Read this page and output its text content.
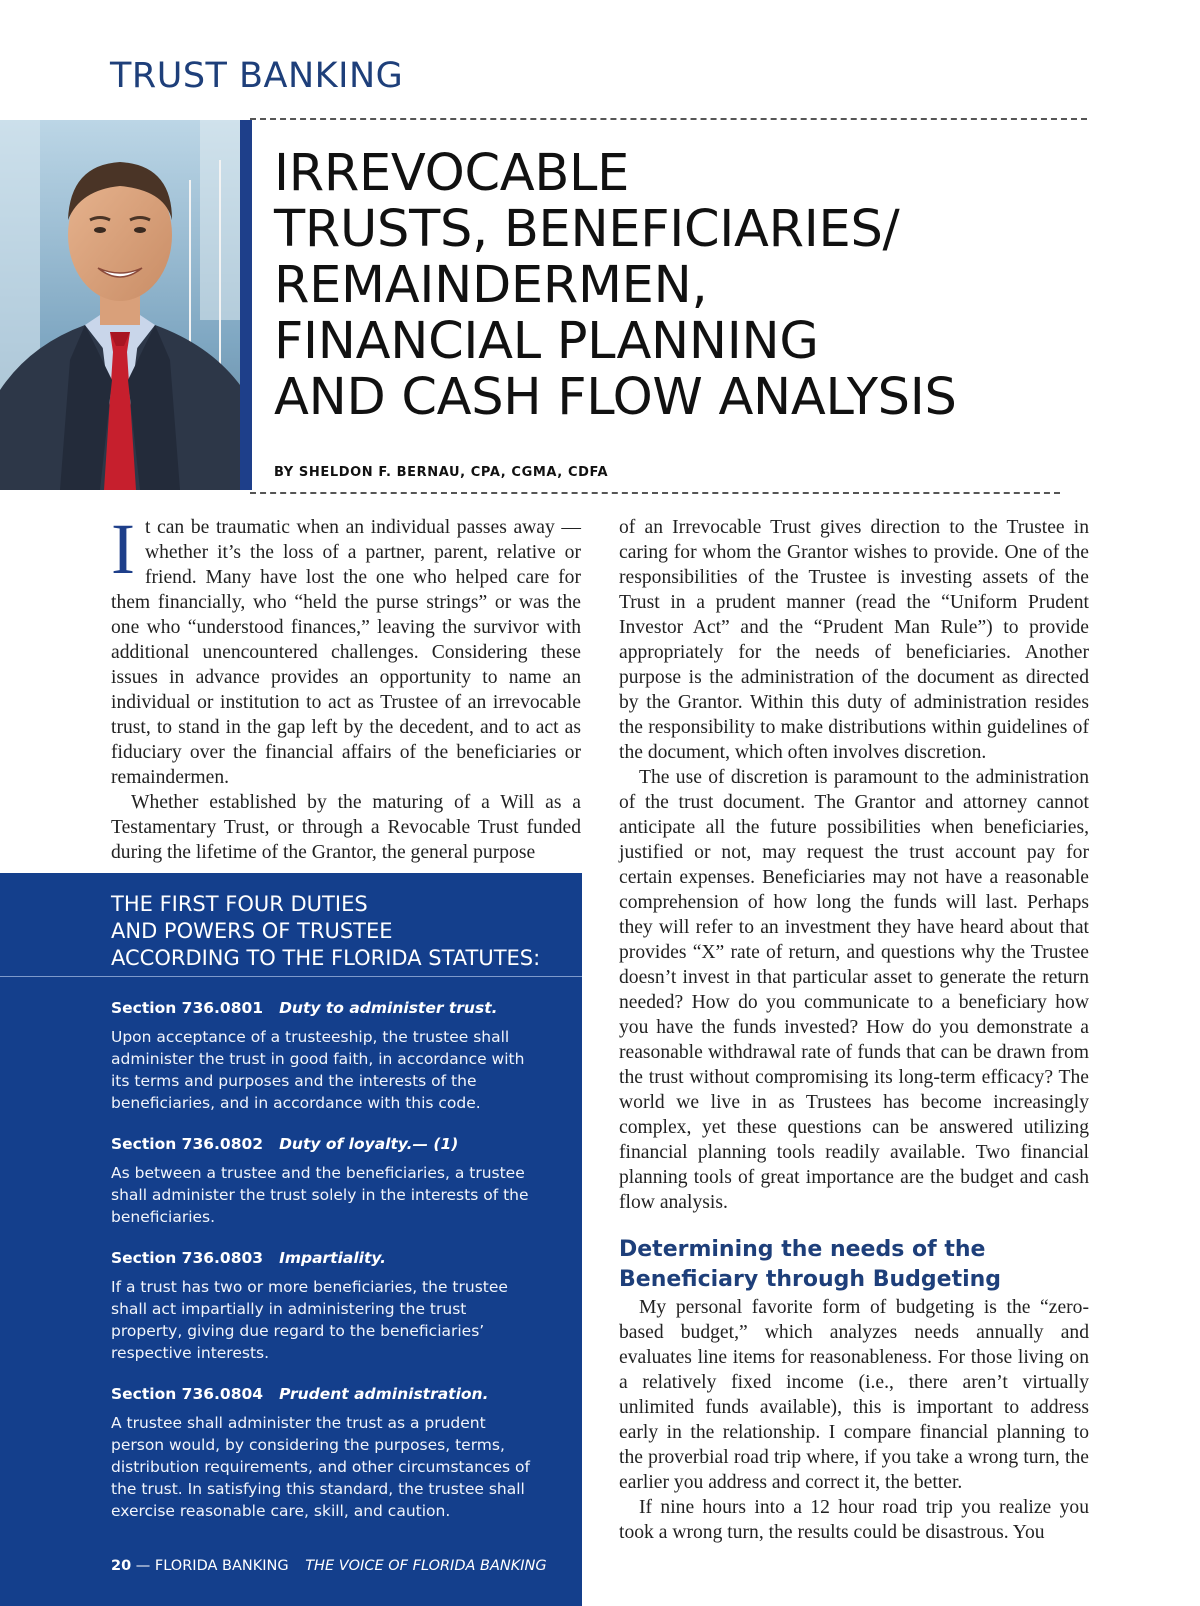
TRUST BANKING
IRREVOCABLE
TRUSTS, BENEFICIARIES/
REMAINDERMEN,
FINANCIAL PLANNING
AND CASH FLOW ANALYSIS
BY SHELDON F. BERNAU, CPA, CGMA, CDFA

It can be traumatic when an individual passes away — whether it’s the loss of a partner, parent, relative or friend. Many have lost the one who helped care for them financially, who “held the purse strings” or was the one who “understood finances,” leaving the survivor with additional unencountered challenges. Considering these issues in advance provides an opportunity to name an individual or institution to act as Trustee of an irrevocable trust, to stand in the gap left by the decedent, and to act as fiduciary over the financial affairs of the beneficiaries or remaindermen.

Whether established by the maturing of a Will as a Testamentary Trust, or through a Revocable Trust funded during the lifetime of the Grantor, the general purpose

of an Irrevocable Trust gives direction to the Trustee in caring for whom the Grantor wishes to provide. One of the responsibilities of the Trustee is investing assets of the Trust in a prudent manner (read the “Uniform Prudent Investor Act” and the “Prudent Man Rule”) to provide appropriately for the needs of beneficiaries. Another purpose is the administration of the document as directed by the Grantor. Within this duty of administration resides the responsibility to make distributions within guidelines of the document, which often involves discretion.

The use of discretion is paramount to the administration of the trust document. The Grantor and attorney cannot anticipate all the future possibilities when beneficiaries, justified or not, may request the trust account pay for certain expenses. Beneficiaries may not have a reasonable comprehension of how long the funds will last. Perhaps they will refer to an investment they have heard about that provides “X” rate of return, and questions why the Trustee doesn’t invest in that particular asset to generate the return needed? How do you communicate to a beneficiary how you have the funds invested? How do you demonstrate a reasonable withdrawal rate of funds that can be drawn from the trust without compromising its long-term efficacy? The world we live in as Trustees has become increasingly complex, yet these questions can be answered utilizing financial planning tools readily available. Two financial planning tools of great importance are the budget and cash flow analysis.

Determining the needs of the Beneficiary through Budgeting

My personal favorite form of budgeting is the “zero-based budget,” which analyzes needs annually and evaluates line items for reasonableness. For those living on a relatively fixed income (i.e., there aren’t virtually unlimited funds available), this is important to address early in the relationship. I compare financial planning to the proverbial road trip where, if you take a wrong turn, the earlier you address and correct it, the better.

If nine hours into a 12 hour road trip you realize you took a wrong turn, the results could be disastrous. You

THE FIRST FOUR DUTIES
AND POWERS OF TRUSTEE
ACCORDING TO THE FLORIDA STATUTES:
Section 736.0801 Duty to administer trust.

Upon acceptance of a trusteeship, the trustee shall administer the trust in good faith, in accordance with its terms and purposes and the interests of the beneficiaries, and in accordance with this code.

Section 736.0802 Duty of loyalty.— (1)

As between a trustee and the beneficiaries, a trustee shall administer the trust solely in the interests of the beneficiaries.

Section 736.0803 Impartiality.

If a trust has two or more beneficiaries, the trustee shall act impartially in administering the trust property, giving due regard to the beneficiaries’ respective interests.

Section 736.0804 Prudent administration.

A trustee shall administer the trust as a prudent person would, by considering the purposes, terms, distribution requirements, and other circumstances of the trust. In satisfying this standard, the trustee shall exercise reasonable care, skill, and caution.

20 — FLORIDA BANKING THE VOICE OF FLORIDA BANKING
